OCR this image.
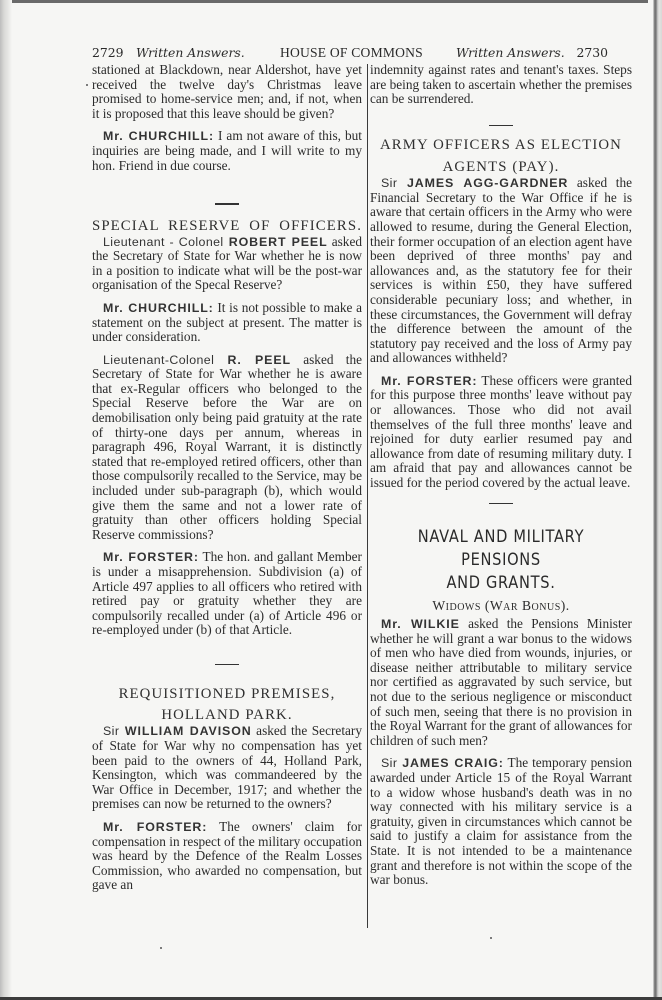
2729 Written Answers.	HOUSE OF COMMONS	Written Answers. 2730

stationed at Blackdown, near Aldershot, have yet received the twelve day's Christmas leave promised to home-service men; and, if not, when it is proposed that this leave should be given?

Mr. CHURCHILL: I am not aware of this, but inquiries are being made, and I will write to my hon. Friend in due course.

SPECIAL RESERVE OF OFFICERS.

Lieutenant - Colonel ROBERT PEEL asked the Secretary of State for War whether he is now in a position to indicate what will be the post-war organisation of the Specal Reserve?

Mr. CHURCHILL: It is not possible to make a statement on the subject at present. The matter is under consideration.

Lieutenant-Colonel R. PEEL asked the Secretary of State for War whether he is aware that ex-Regular officers who belonged to the Special Reserve before the War are on demobilisation only being paid gratuity at the rate of thirty-one days per annum, whereas in paragraph 496, Royal Warrant, it is distinctly stated that re-employed retired officers, other than those compulsorily recalled to the Service, may be included under sub-paragraph (b), which would give them the same and not a lower rate of gratuity than other officers holding Special Reserve commissions?

Mr. FORSTER: The hon. and gallant Member is under a misapprehension. Subdivision (a) of Article 497 applies to all officers who retired with retired pay or gratuity whether they are compulsorily recalled under (a) of Article 496 or re-employed under (b) of that Article.

REQUISITIONED PREMISES,
HOLLAND PARK.

Sir WILLIAM DAVISON asked the Secretary of State for War why no compensation has yet been paid to the owners of 44, Holland Park, Kensington, which was commandeered by the War Office in December, 1917; and whether the premises can now be returned to the owners?

Mr. FORSTER: The owners' claim for compensation in respect of the military occupation was heard by the Defence of the Realm Losses Commission, who awarded no compensation, but gave an

indemnity against rates and tenant's taxes. Steps are being taken to ascertain whether the premises can be surrendered.

ARMY OFFICERS AS ELECTION
AGENTS (PAY).

Sir JAMES AGG-GARDNER asked the Financial Secretary to the War Office if he is aware that certain officers in the Army who were allowed to resume, during the General Election, their former occupation of an election agent have been deprived of three months' pay and allowances and, as the statutory fee for their services is within £50, they have suffered considerable pecuniary loss; and whether, in these circumstances, the Government will defray the difference between the amount of the statutory pay received and the loss of Army pay and allowances withheld?

Mr. FORSTER: These officers were granted for this purpose three months' leave without pay or allowances. Those who did not avail themselves of the full three months' leave and rejoined for duty earlier resumed pay and allowance from date of resuming military duty. I am afraid that pay and allowances cannot be issued for the period covered by the actual leave.

NAVAL AND MILITARY PENSIONS
AND GRANTS.
Widows (War Bonus).

Mr. WILKIE asked the Pensions Minister whether he will grant a war bonus to the widows of men who have died from wounds, injuries, or disease neither attributable to military service nor certified as aggravated by such service, but not due to the serious negligence or misconduct of such men, seeing that there is no provision in the Royal Warrant for the grant of allowances for children of such men?

Sir JAMES CRAIG: The temporary pension awarded under Article 15 of the Royal Warrant to a widow whose husband's death was in no way connected with his military service is a gratuity, given in circumstances which cannot be said to justify a claim for assistance from the State. It is not intended to be a maintenance grant and therefore is not within the scope of the war bonus.
